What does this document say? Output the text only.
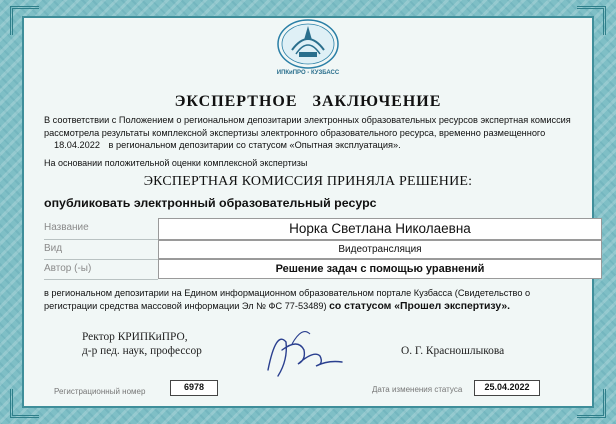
ИПКиПРО - КУЗБАСС
ЭКСПЕРТНОЕ ЗАКЛЮЧЕНИЕ
В соответствии с Положением о региональном депозитарии электронных образовательных ресурсов экспертная комиссия рассмотрела результаты комплексной экспертизы электронного образовательного ресурса, временно размещенного 18.04.2022 в региональном депозитарии со статусом «Опытная эксплуатация».
На основании положительной оценки комплексной экспертизы
ЭКСПЕРТНАЯ КОМИССИЯ ПРИНЯЛА РЕШЕНИЕ:
опубликовать электронный образовательный ресурс
Название	Норка Светлана Николаевна
Вид	Видеотрансляция
Автор (-ы)	Решение задач с помощью уравнений
в региональном депозитарии на Едином информационном образовательном портале Кузбасса (Свидетельство о регистрации средства массовой информации Эл № ФС 77-53489) со статусом «Прошел экспертизу».
Ректор КРИПКиПРО,
д-р пед. наук, профессор	О. Г. Красношлыкова
Регистрационный номер	6978	Дата изменения статуса	25.04.2022
